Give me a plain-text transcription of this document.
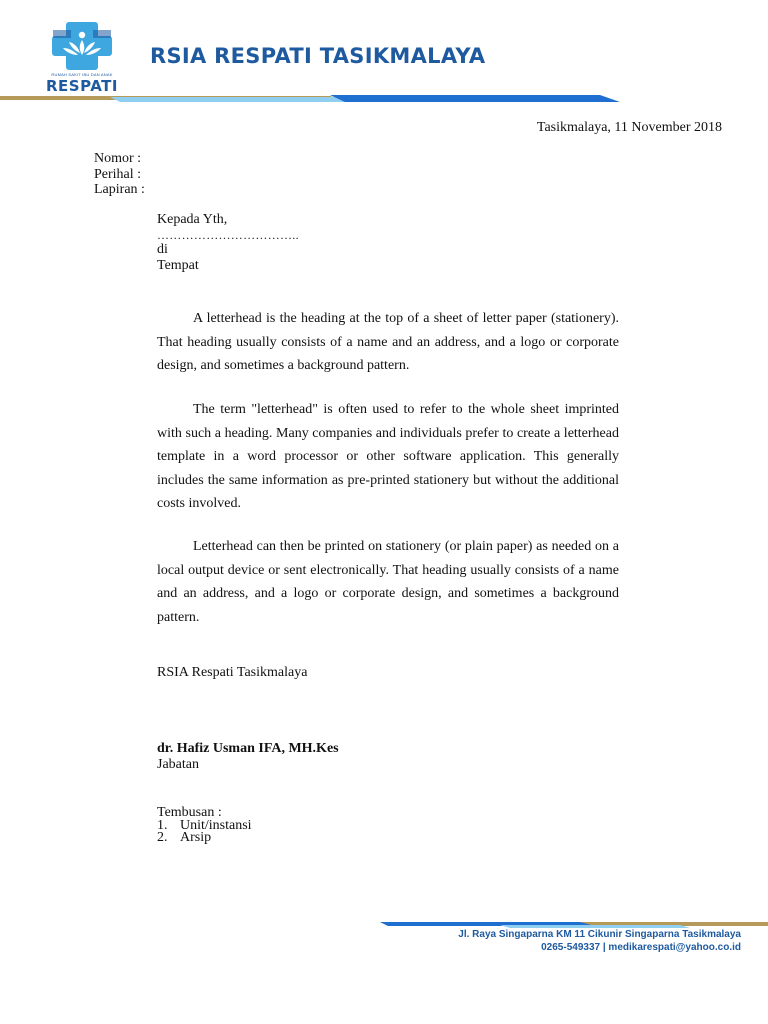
RUMAH SAKIT IBU DAN ANAK
RESPATI
RSIA RESPATI TASIKMALAYA
Tasikmalaya, 11 November 2018
Nomor :
Perihal :
Lapiran :
Kepada Yth,
……………………………..
di
Tempat

A letterhead is the heading at the top of a sheet of letter paper (stationery). That heading usually consists of a name and an address, and a logo or corporate design, and sometimes a background pattern.

The term "letterhead" is often used to refer to the whole sheet imprinted with such a heading. Many companies and individuals prefer to create a letterhead template in a word processor or other software application. This generally includes the same information as pre-printed stationery but without the additional costs involved.

Letterhead can then be printed on stationery (or plain paper) as needed on a local output device or sent electronically. That heading usually consists of a name and an address, and a logo or corporate design, and sometimes a background pattern.

RSIA Respati Tasikmalaya
dr. Hafiz Usman IFA, MH.Kes
Jabatan
Tembusan :
1. Unit/instansi
2. Arsip
Jl. Raya Singaparna KM 11 Cikunir Singaparna Tasikmalaya
0265-549337 | medikarespati@yahoo.co.id
